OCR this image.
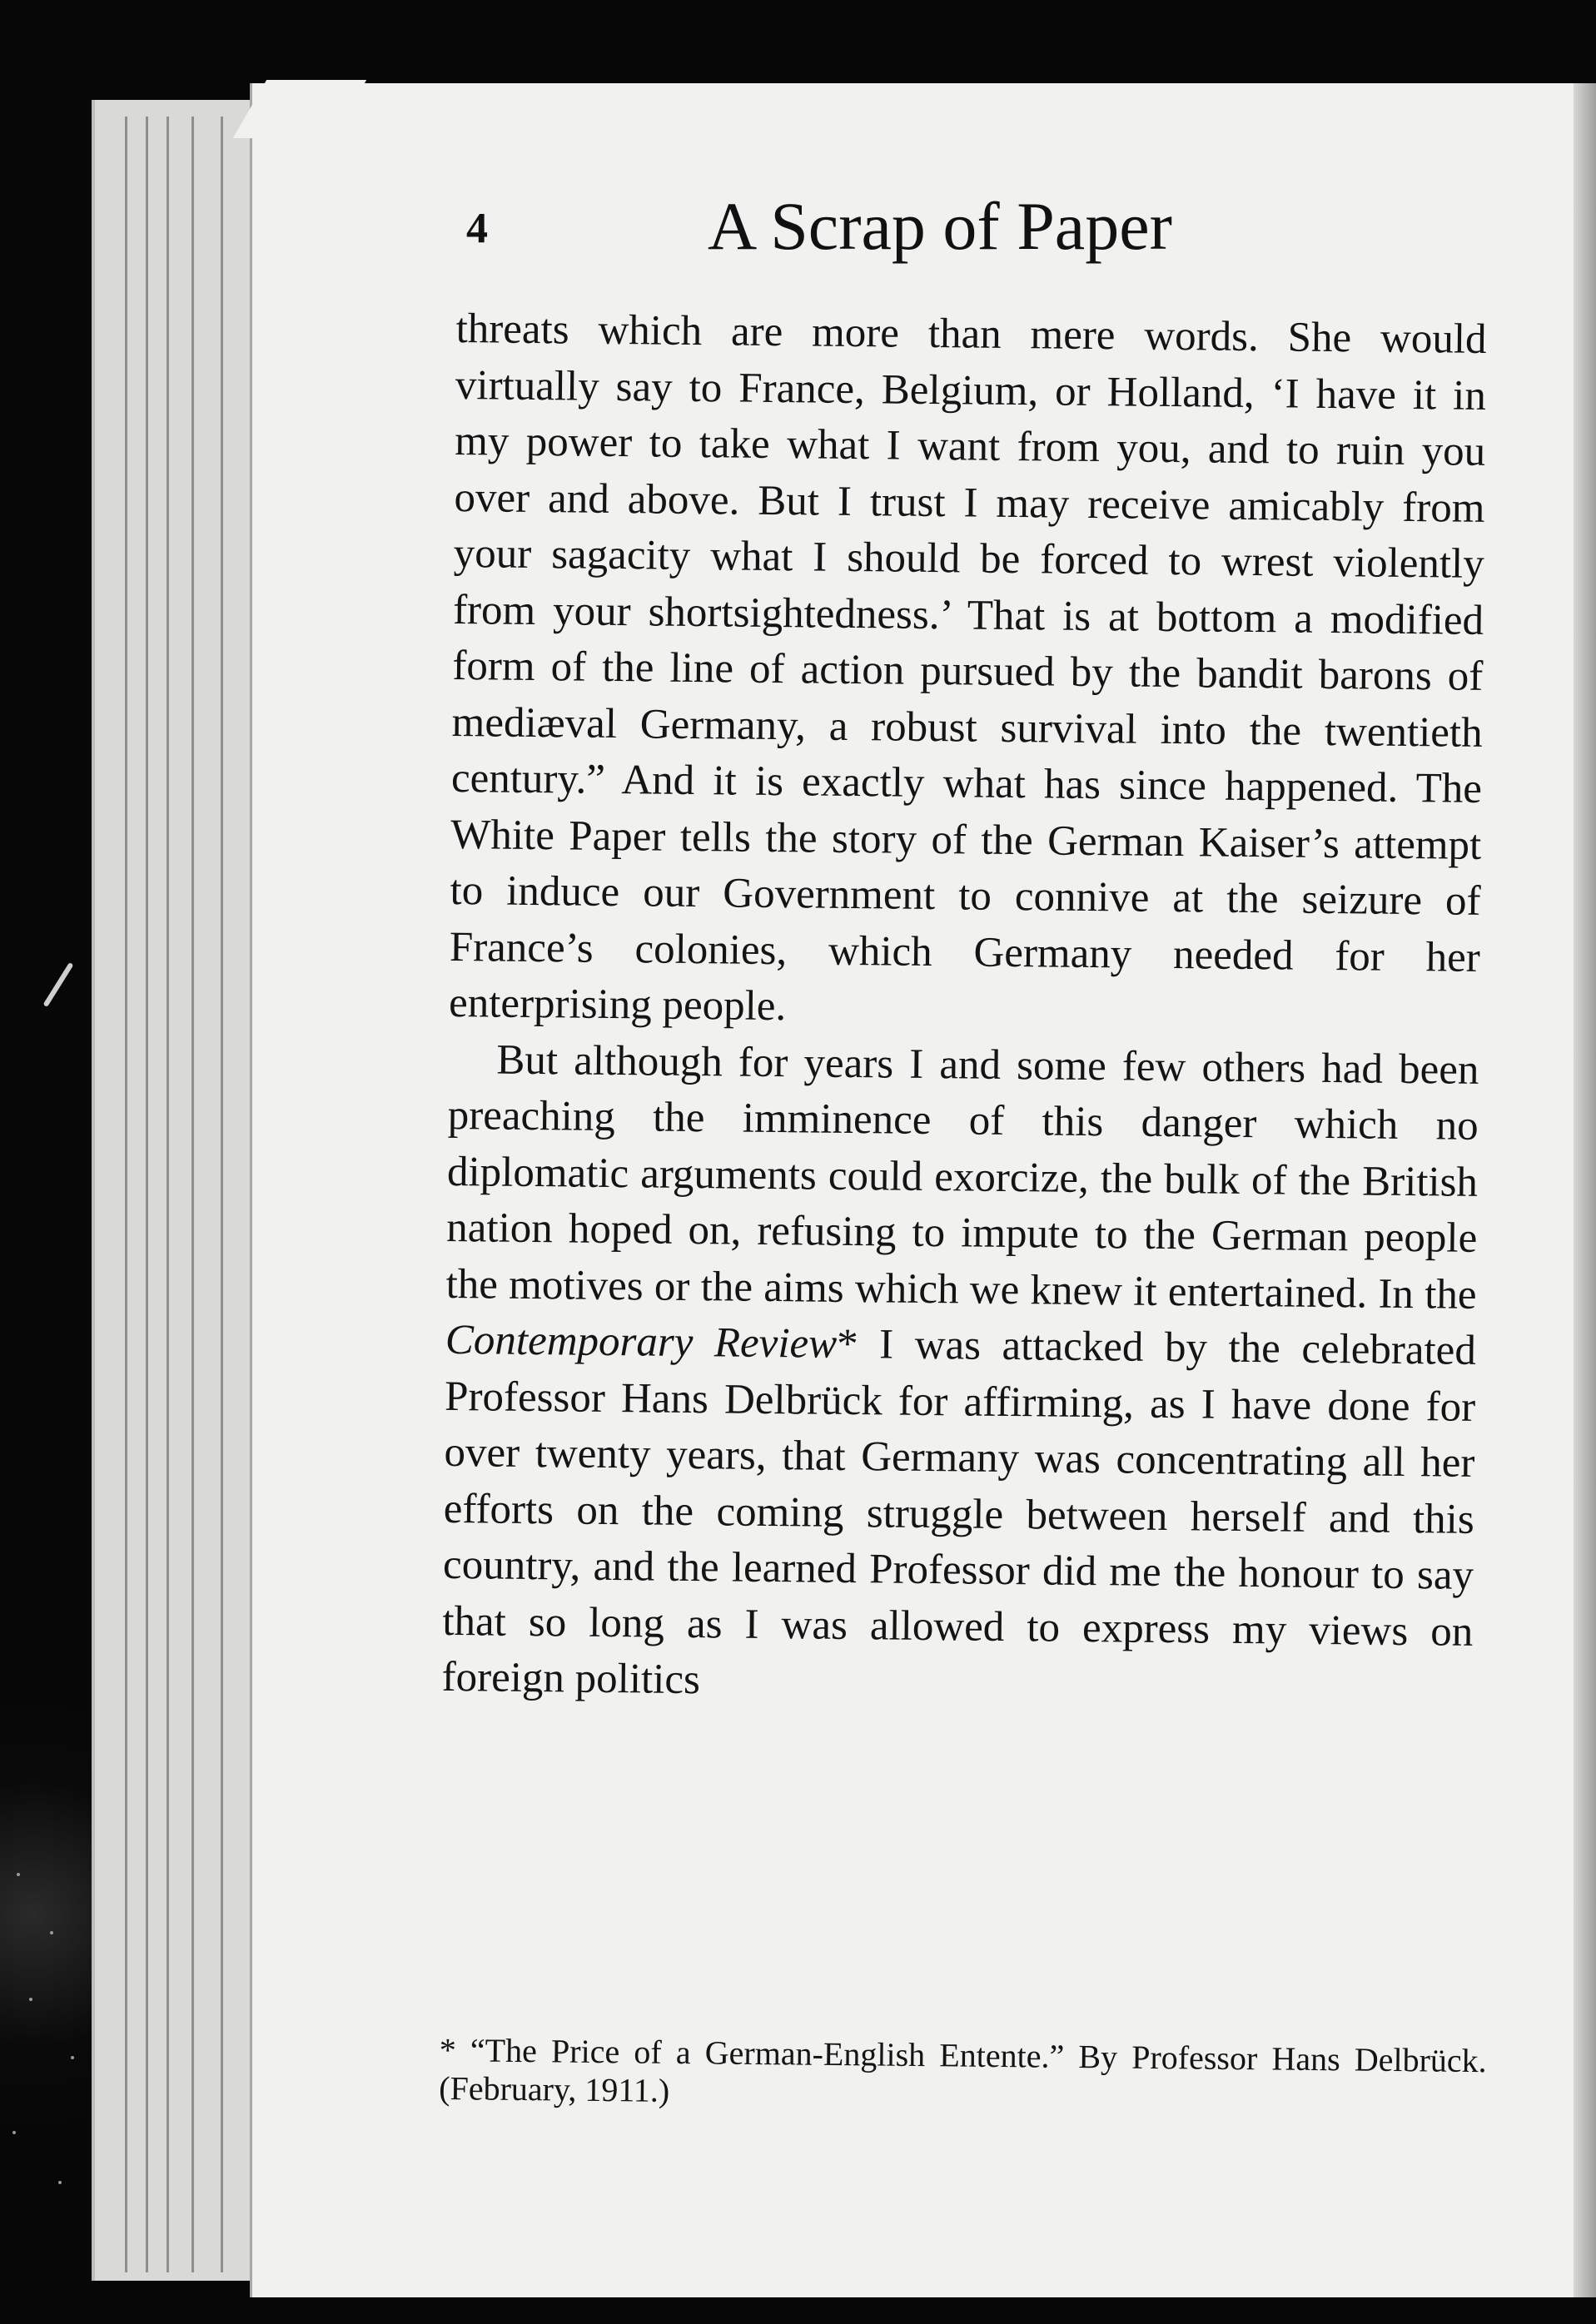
4	A Scrap of Paper

threats which are more than mere words. She would virtually say to France, Belgium, or Holland, ‘I have it in my power to take what I want from you, and to ruin you over and above. But I trust I may receive amicably from your sagacity what I should be forced to wrest violently from your shortsightedness.’ That is at bottom a modified form of the line of action pursued by the bandit barons of mediæval Germany, a robust survival into the twentieth century.” And it is exactly what has since happened. The White Paper tells the story of the German Kaiser’s attempt to induce our Government to connive at the seizure of France’s colonies, which Germany needed for her enterprising people.

But although for years I and some few others had been preaching the imminence of this danger which no diplomatic arguments could exorcize, the bulk of the British nation hoped on, refusing to impute to the German people the motives or the aims which we knew it entertained. In the Contemporary Review* I was attacked by the celebrated Professor Hans Delbrück for affirming, as I have done for over twenty years, that Germany was concentrating all her efforts on the coming struggle between herself and this country, and the learned Professor did me the honour to say that so long as I was allowed to express my views on foreign politics

* “The Price of a German-English Entente.” By Professor Hans Delbrück. (February, 1911.)
